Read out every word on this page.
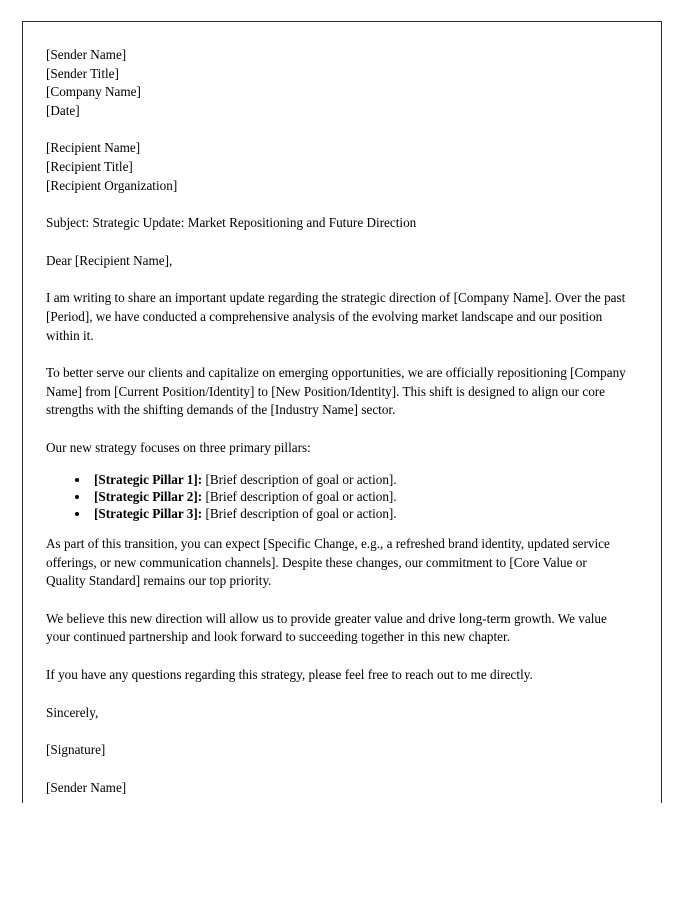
[Sender Name]
[Sender Title]
[Company Name]
[Date]
[Recipient Name]
[Recipient Title]
[Recipient Organization]
Subject: Strategic Update: Market Repositioning and Future Direction
Dear [Recipient Name],

I am writing to share an important update regarding the strategic direction of [Company Name]. Over the past [Period], we have conducted a comprehensive analysis of the evolving market landscape and our position within it.

To better serve our clients and capitalize on emerging opportunities, we are officially repositioning [Company Name] from [Current Position/Identity] to [New Position/Identity]. This shift is designed to align our core strengths with the shifting demands of the [Industry Name] sector.

Our new strategy focuses on three primary pillars:

• [Strategic Pillar 1]: [Brief description of goal or action].
• [Strategic Pillar 2]: [Brief description of goal or action].
• [Strategic Pillar 3]: [Brief description of goal or action].

As part of this transition, you can expect [Specific Change, e.g., a refreshed brand identity, updated service offerings, or new communication channels]. Despite these changes, our commitment to [Core Value or Quality Standard] remains our top priority.

We believe this new direction will allow us to provide greater value and drive long-term growth. We value your continued partnership and look forward to succeeding together in this new chapter.

If you have any questions regarding this strategy, please feel free to reach out to me directly.

Sincerely,
[Signature]
[Sender Name]
